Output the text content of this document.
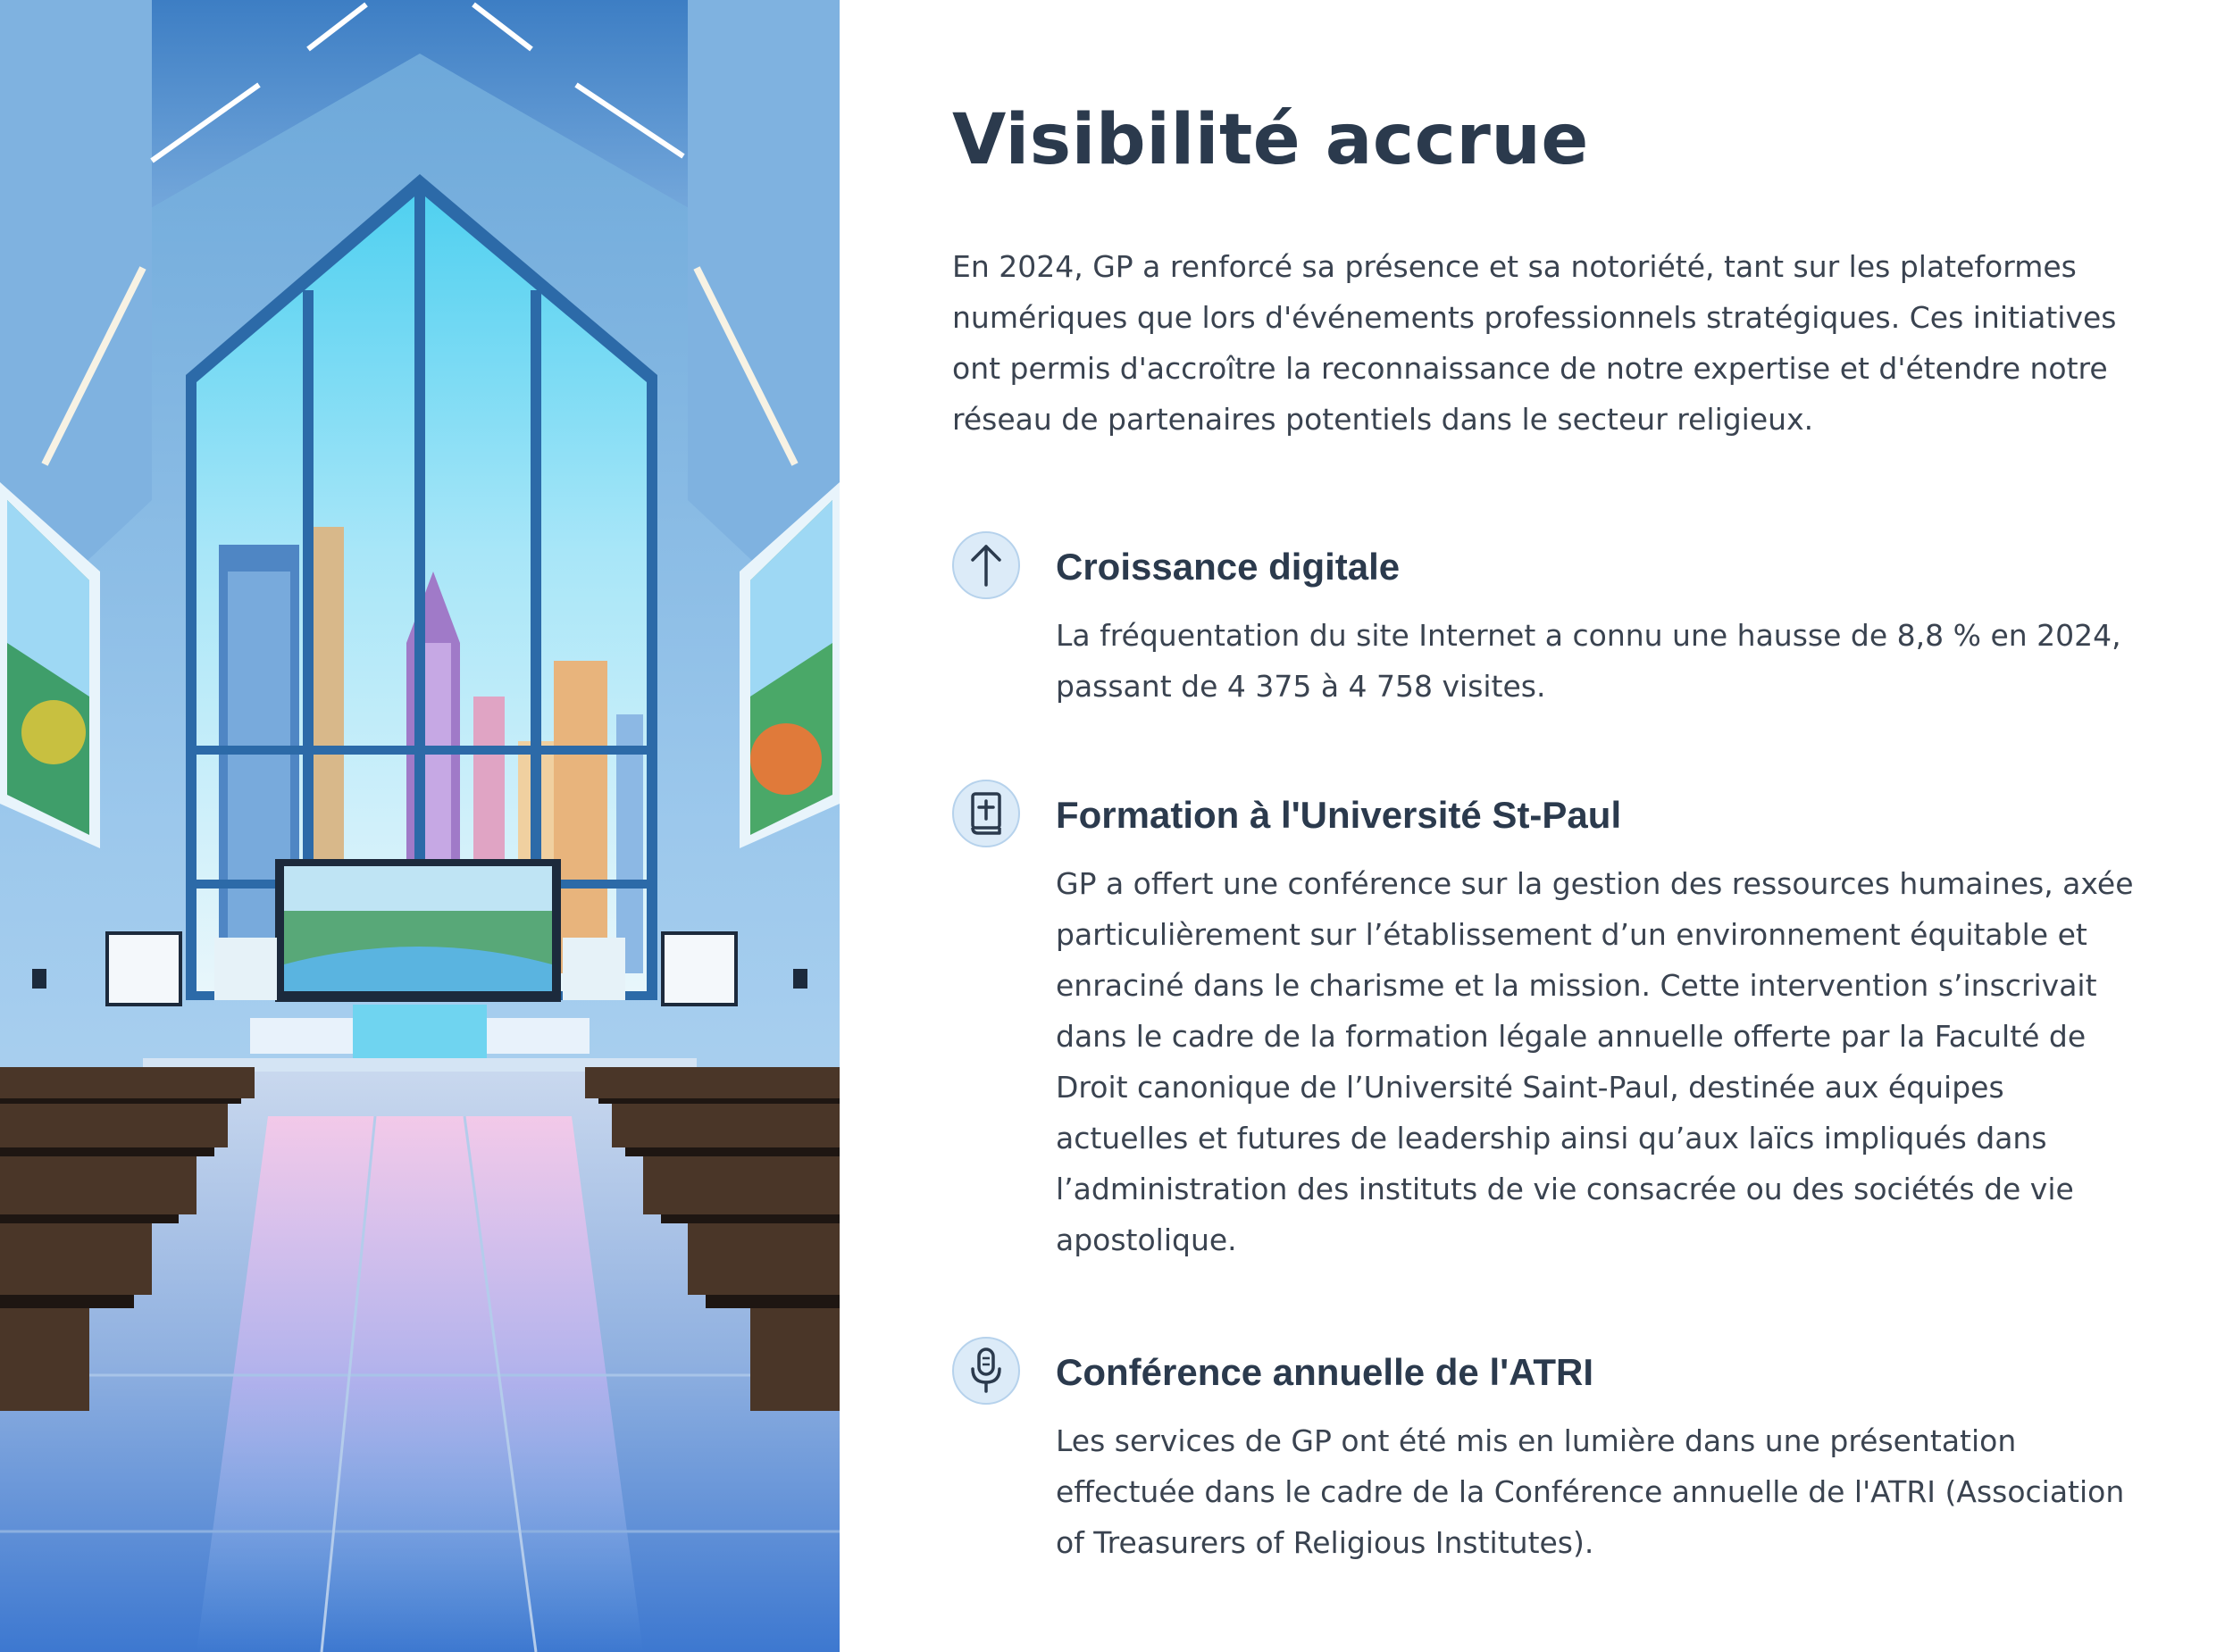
Visibilité accrue

En 2024, GP a renforcé sa présence et sa notoriété, tant sur les plateformes numériques que lors d'événements professionnels stratégiques. Ces initiatives ont permis d'accroître la reconnaissance de notre expertise et d'étendre notre réseau de partenaires potentiels dans le secteur religieux.

Croissance digitale

La fréquentation du site Internet a connu une hausse de 8,8 % en 2024, passant de 4 375 à 4 758 visites.

Formation à l'Université St-Paul

GP a offert une conférence sur la gestion des ressources humaines, axée particulièrement sur l’établissement d’un environnement équitable et enraciné dans le charisme et la mission. Cette intervention s’inscrivait dans le cadre de la formation légale annuelle offerte par la Faculté de Droit canonique de l’Université Saint-Paul, destinée aux équipes actuelles et futures de leadership ainsi qu’aux laïcs impliqués dans l’administration des instituts de vie consacrée ou des sociétés de vie apostolique.

Conférence annuelle de l'ATRI

Les services de GP ont été mis en lumière dans une présentation effectuée dans le cadre de la Conférence annuelle de l'ATRI (Association of Treasurers of Religious Institutes).
